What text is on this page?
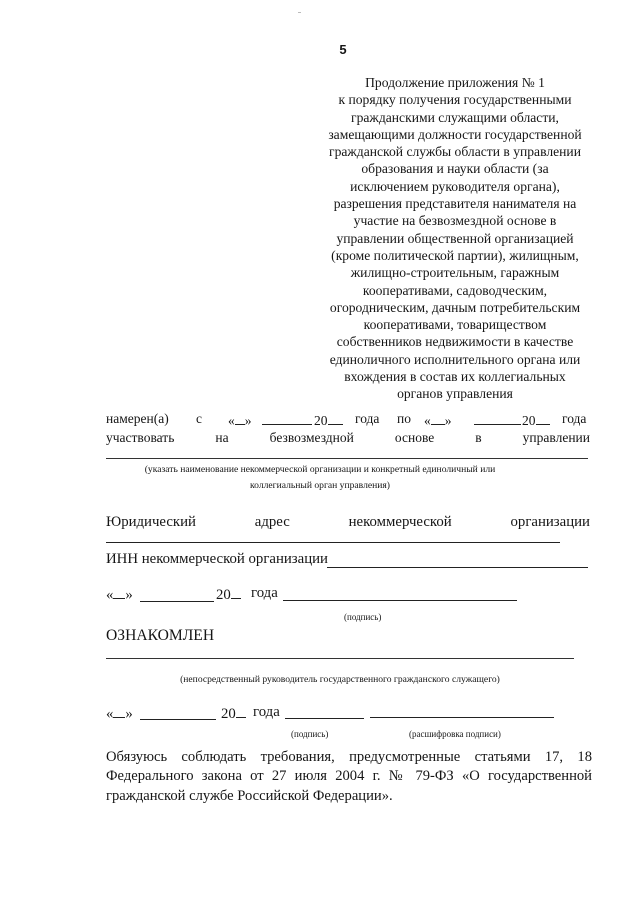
5
Продолжение приложения № 1
к порядку получения государственными
гражданскими служащими области,
замещающими должности государственной
гражданской службы области в управлении
образования и науки области (за
исключением руководителя органа),
разрешения представителя нанимателя на
участие на безвозмездной основе в
управлении общественной организацией
(кроме политической партии), жилищным,
жилищно-строительным, гаражным
кооперативами, садоводческим,
огородническим, дачным потребительским
кооперативами, товариществом
собственников недвижимости в качестве
единоличного исполнительного органа или
вхождения в состав их коллегиальных
органов управления
намерен(а) с « »	20	года по « »	20	года
участвовать	на	безвозмездной	основе	в	управлении
(указать наименование некоммерческой организации и конкретный единоличный или
коллегиальный орган управления)
Юридический	адрес	некоммерческой	организации
ИНН некоммерческой организации
« »	20	года
(подпись)
ОЗНАКОМЛЕН
(непосредственный руководитель государственного гражданского служащего)
« »	20	года
(подпись)	(расшифровка подписи)
Обязуюсь соблюдать требования, предусмотренные статьями 17, 18
Федерального закона от 27 июля 2004 г. № 79-ФЗ «О государственной
гражданской службе Российской Федерации».
